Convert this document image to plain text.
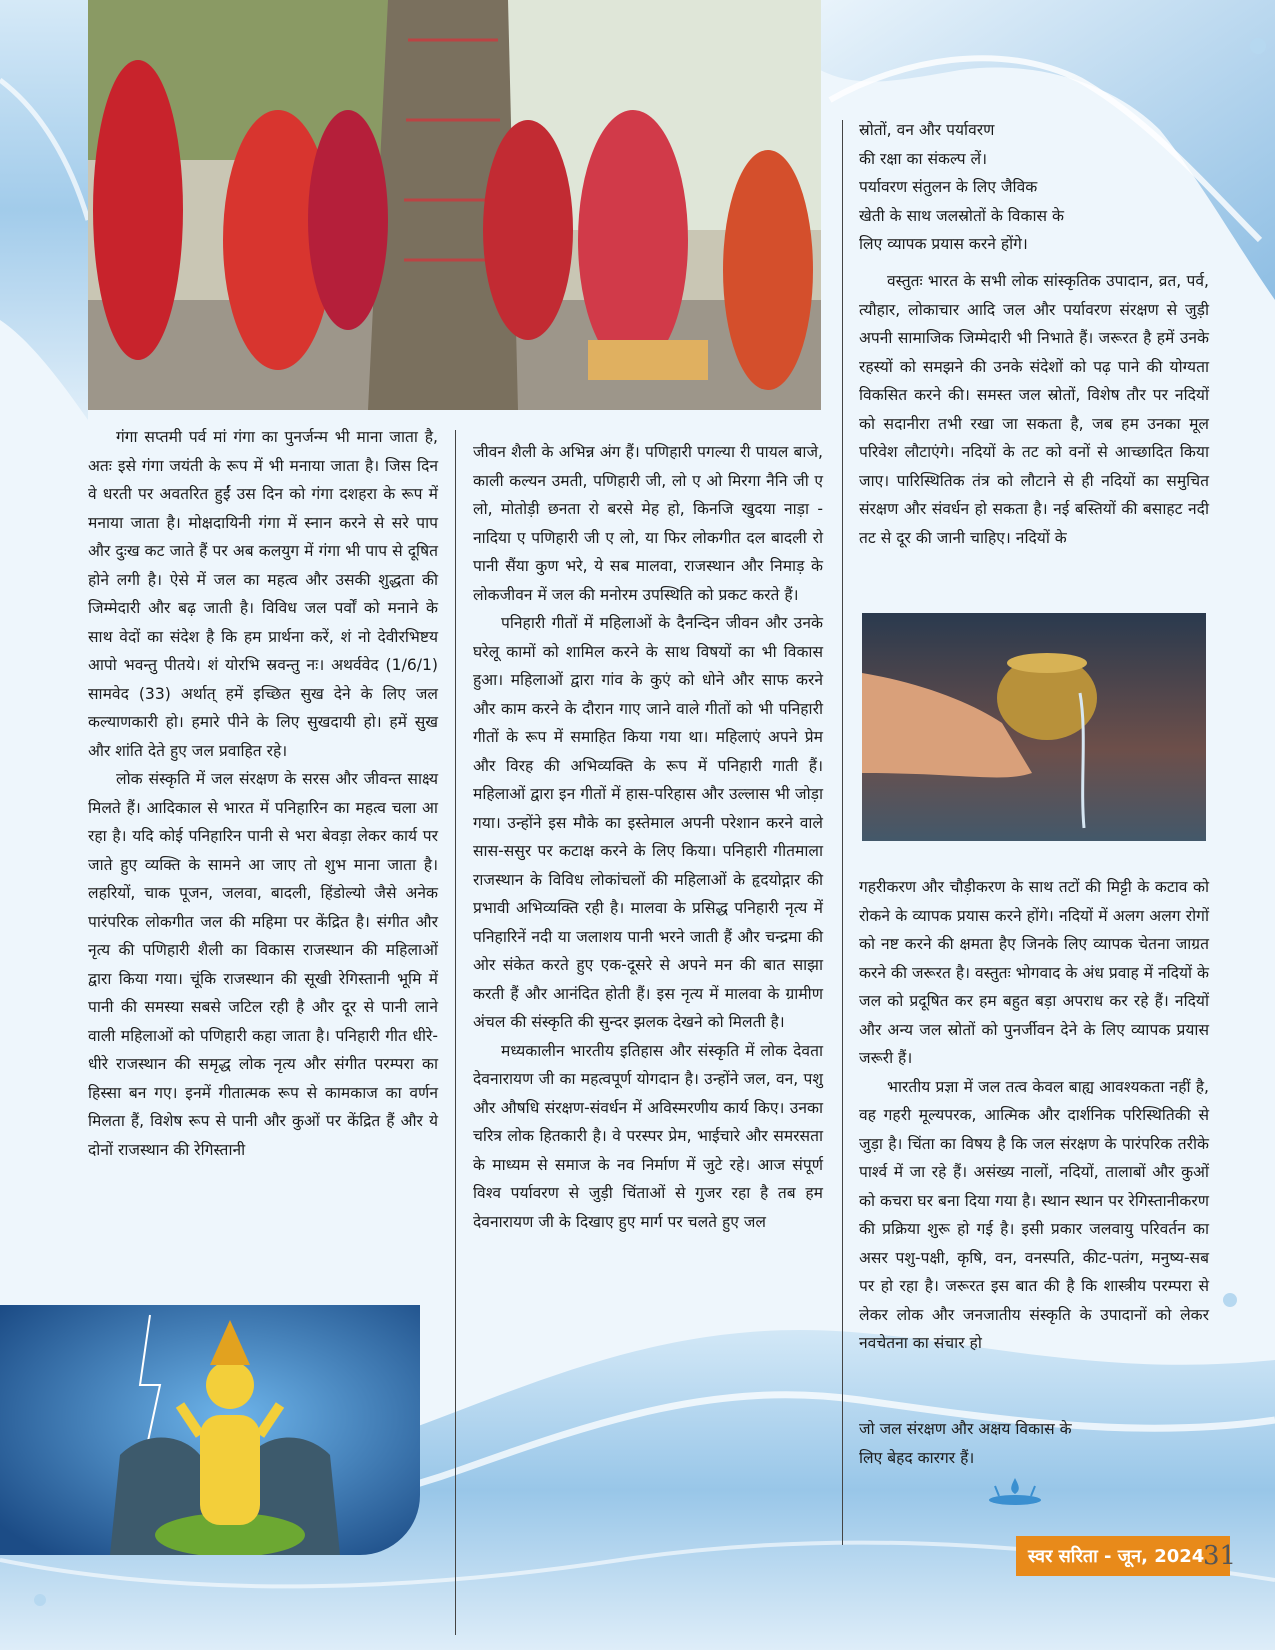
गंगा सप्तमी पर्व मां गंगा का पुनर्जन्म भी माना जाता है, अतः इसे गंगा जयंती के रूप में भी मनाया जाता है। जिस दिन वे धरती पर अवतरित हुईं उस दिन को गंगा दशहरा के रूप में मनाया जाता है। मोक्षदायिनी गंगा में स्नान करने से सरे पाप और दुःख कट जाते हैं पर अब कलयुग में गंगा भी पाप से दूषित होने लगी है। ऐसे में जल का महत्व और उसकी शुद्धता की जिम्मेदारी और बढ़ जाती है। विविध जल पर्वों को मनाने के साथ वेदों का संदेश है कि हम प्रार्थना करें, शं नो देवीरभिष्टय आपो भवन्तु पीतये। शं योरभि स्रवन्तु नः। अथर्ववेद (1/6/1) सामवेद (33) अर्थात् हमें इच्छित सुख देने के लिए जल कल्याणकारी हो। हमारे पीने के लिए सुखदायी हो। हमें सुख और शांति देते हुए जल प्रवाहित रहे।

लोक संस्कृति में जल संरक्षण के सरस और जीवन्त साक्ष्य मिलते हैं। आदिकाल से भारत में पनिहारिन का महत्व चला आ रहा है। यदि कोई पनिहारिन पानी से भरा बेवड़ा लेकर कार्य पर जाते हुए व्यक्ति के सामने आ जाए तो शुभ माना जाता है। लहरियों, चाक पूजन, जलवा, बादली, हिंडोल्यो जैसे अनेक पारंपरिक लोकगीत जल की महिमा पर केंद्रित है। संगीत और नृत्य की पणिहारी शैली का विकास राजस्थान की महिलाओं द्वारा किया गया। चूंकि राजस्थान की सूखी रेगिस्तानी भूमि में पानी की समस्या सबसे जटिल रही है और दूर से पानी लाने वाली महिलाओं को पणिहारी कहा जाता है। पनिहारी गीत धीरे-धीरे राजस्थान की समृद्ध लोक नृत्य और संगीत परम्परा का हिस्सा बन गए। इनमें गीतात्मक रूप से कामकाज का वर्णन मिलता हैं, विशेष रूप से पानी और कुओं पर केंद्रित हैं और ये दोनों राजस्थान की रेगिस्तानी

जीवन शैली के अभिन्न अंग हैं। पणिहारी पगल्या री पायल बाजे, काली कल्यन उमती, पणिहारी जी, लो ए ओ मिरगा नैनि जी ए लो, मोतोड़ी छनता रो बरसे मेह हो, किनजि खुदया नाड़ा - नादिया ए पणिहारी जी ए लो, या फिर लोकगीत दल बादली रो पानी सैंया कुण भरे, ये सब मालवा, राजस्थान और निमाड़ के लोकजीवन में जल की मनोरम उपस्थिति को प्रकट करते हैं।

पनिहारी गीतों में महिलाओं के दैनन्दिन जीवन और उनके घरेलू कामों को शामिल करने के साथ विषयों का भी विकास हुआ। महिलाओं द्वारा गांव के कुएं को धोने और साफ करने और काम करने के दौरान गाए जाने वाले गीतों को भी पनिहारी गीतों के रूप में समाहित किया गया था। महिलाएं अपने प्रेम और विरह की अभिव्यक्ति के रूप में पनिहारी गाती हैं। महिलाओं द्वारा इन गीतों में हास-परिहास और उल्लास भी जोड़ा गया। उन्होंने इस मौके का इस्तेमाल अपनी परेशान करने वाले सास-ससुर पर कटाक्ष करने के लिए किया। पनिहारी गीतमाला राजस्थान के विविध लोकांचलों की महिलाओं के हृदयोद्गार की प्रभावी अभिव्यक्ति रही है। मालवा के प्रसिद्ध पनिहारी नृत्य में पनिहारिनें नदी या जलाशय पानी भरने जाती हैं और चन्द्रमा की ओर संकेत करते हुए एक-दूसरे से अपने मन की बात साझा करती हैं और आनंदित होती हैं। इस नृत्य में मालवा के ग्रामीण अंचल की संस्कृति की सुन्दर झलक देखने को मिलती है।

मध्यकालीन भारतीय इतिहास और संस्कृति में लोक देवता देवनारायण जी का महत्वपूर्ण योगदान है। उन्होंने जल, वन, पशु और औषधि संरक्षण-संवर्धन में अविस्मरणीय कार्य किए। उनका चरित्र लोक हितकारी है। वे परस्पर प्रेम, भाईचारे और समरसता के माध्यम से समाज के नव निर्माण में जुटे रहे। आज संपूर्ण विश्व पर्यावरण से जुड़ी चिंताओं से गुजर रहा है तब हम देवनारायण जी के दिखाए हुए मार्ग पर चलते हुए जल

स्रोतों, वन और पर्यावरण

की रक्षा का संकल्प लें।

पर्यावरण संतुलन के लिए जैविक

खेती के साथ जलस्रोतों के विकास के

लिए व्यापक प्रयास करने होंगे।

वस्तुतः भारत के सभी लोक सांस्कृतिक उपादान, व्रत, पर्व, त्यौहार, लोकाचार आदि जल और पर्यावरण संरक्षण से जुड़ी अपनी सामाजिक जिम्मेदारी भी निभाते हैं। जरूरत है हमें उनके रहस्यों को समझने की उनके संदेशों को पढ़ पाने की योग्यता विकसित करने की। समस्त जल स्रोतों, विशेष तौर पर नदियों को सदानीरा तभी रखा जा सकता है, जब हम उनका मूल परिवेश लौटाएंगे। नदियों के तट को वनों से आच्छादित किया जाए। पारिस्थितिक तंत्र को लौटाने से ही नदियों का समुचित संरक्षण और संवर्धन हो सकता है। नई बस्तियों की बसाहट नदी तट से दूर की जानी चाहिए। नदियों के

गहरीकरण और चौड़ीकरण के साथ तटों की मिट्टी के कटाव को रोकने के व्यापक प्रयास करने होंगे। नदियों में अलग अलग रोगों को नष्ट करने की क्षमता हैए जिनके लिए व्यापक चेतना जाग्रत करने की जरूरत है। वस्तुतः भोगवाद के अंध प्रवाह में नदियों के जल को प्रदूषित कर हम बहुत बड़ा अपराध कर रहे हैं। नदियों और अन्य जल स्रोतों को पुनर्जीवन देने के लिए व्यापक प्रयास जरूरी हैं।

भारतीय प्रज्ञा में जल तत्व केवल बाह्य आवश्यकता नहीं है, वह गहरी मूल्यपरक, आत्मिक और दार्शनिक परिस्थितिकी से जुड़ा है। चिंता का विषय है कि जल संरक्षण के पारंपरिक तरीके पार्श्व में जा रहे हैं। असंख्य नालों, नदियों, तालाबों और कुओं को कचरा घर बना दिया गया है। स्थान स्थान पर रेगिस्तानीकरण की प्रक्रिया शुरू हो गई है। इसी प्रकार जलवायु परिवर्तन का असर पशु-पक्षी, कृषि, वन, वनस्पति, कीट-पतंग, मनुष्य-सब पर हो रहा है। जरूरत इस बात की है कि शास्त्रीय परम्परा से लेकर लोक और जनजातीय संस्कृति के उपादानों को लेकर नवचेतना का संचार हो

जो जल संरक्षण और अक्षय विकास के

लिए बेहद कारगर हैं।

स्वर सरिता - जून, 2024
31
